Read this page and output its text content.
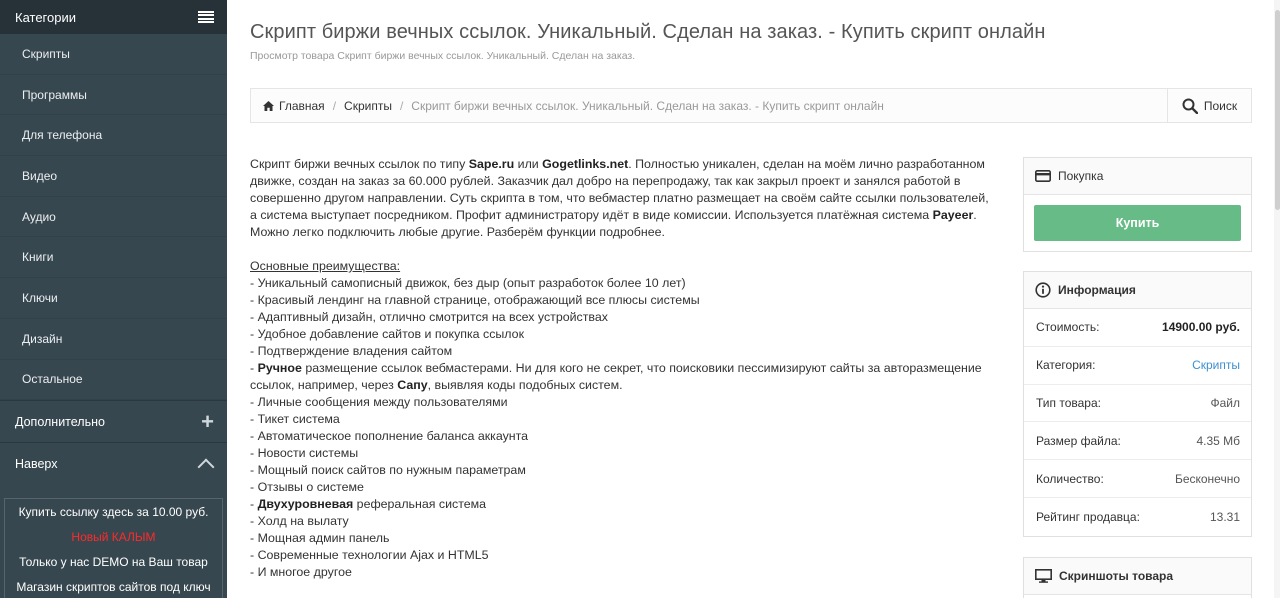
Категории
Скрипты
Программы
Для телефона
Видео
Аудио
Книги
Ключи
Дизайн
Остальное
Дополнительно	+
Наверх
Купить ссылку здесь за 10.00 руб.
Новый КАЛЫМ
Только у нас DEMO на Ваш товар
Магазин скриптов сайтов под ключ
Скрипт биржи вечных ссылок. Уникальный. Сделан на заказ. - Купить скрипт онлайн
Просмотр товара Скрипт биржи вечных ссылок. Уникальный. Сделан на заказ.
Главная / Скрипты / Скрипт биржи вечных ссылок. Уникальный. Сделан на заказ. - Купить скрипт онлайн	Поиск

Скрипт биржи вечных ссылок по типу Sape.ru или Gogetlinks.net. Полностью уникален, сделан на моём лично разработанном движке, создан на заказ за 60.000 рублей. Заказчик дал добро на перепродажу, так как закрыл проект и занялся работой в совершенно другом направлении. Суть скрипта в том, что вебмастер платно размещает на своём сайте ссылки пользователей, а система выступает посредником. Профит администратору идёт в виде комиссии. Используется платёжная система Payeer. Можно легко подключить любые другие. Разберём функции подробнее.

Основные преимущества:
- Уникальный самописный движок, без дыр (опыт разработок более 10 лет)
- Красивый лендинг на главной странице, отображающий все плюсы системы
- Адаптивный дизайн, отлично смотрится на всех устройствах
- Удобное добавление сайтов и покупка ссылок
- Подтверждение владения сайтом
- Ручное размещение ссылок вебмастерами. Ни для кого не секрет, что поисковики пессимизируют сайты за авторазмещение ссылок, например, через Сапу, выявляя коды подобных систем.
- Личные сообщения между пользователями
- Тикет система
- Автоматическое пополнение баланса аккаунта
- Новости системы
- Мощный поиск сайтов по нужным параметрам
- Отзывы о системе
- Двухуровневая реферальная система
- Холд на вылату
- Мощная админ панель
- Современные технологии Ajax и HTML5
- И многое другое
Покупка
Купить
Информация
Стоимость:	14900.00 руб.
Категория:	Скрипты
Тип товара:	Файл
Размер файла:	4.35 Мб
Количество:	Бесконечно
Рейтинг продавца:	13.31
Скриншоты товара
